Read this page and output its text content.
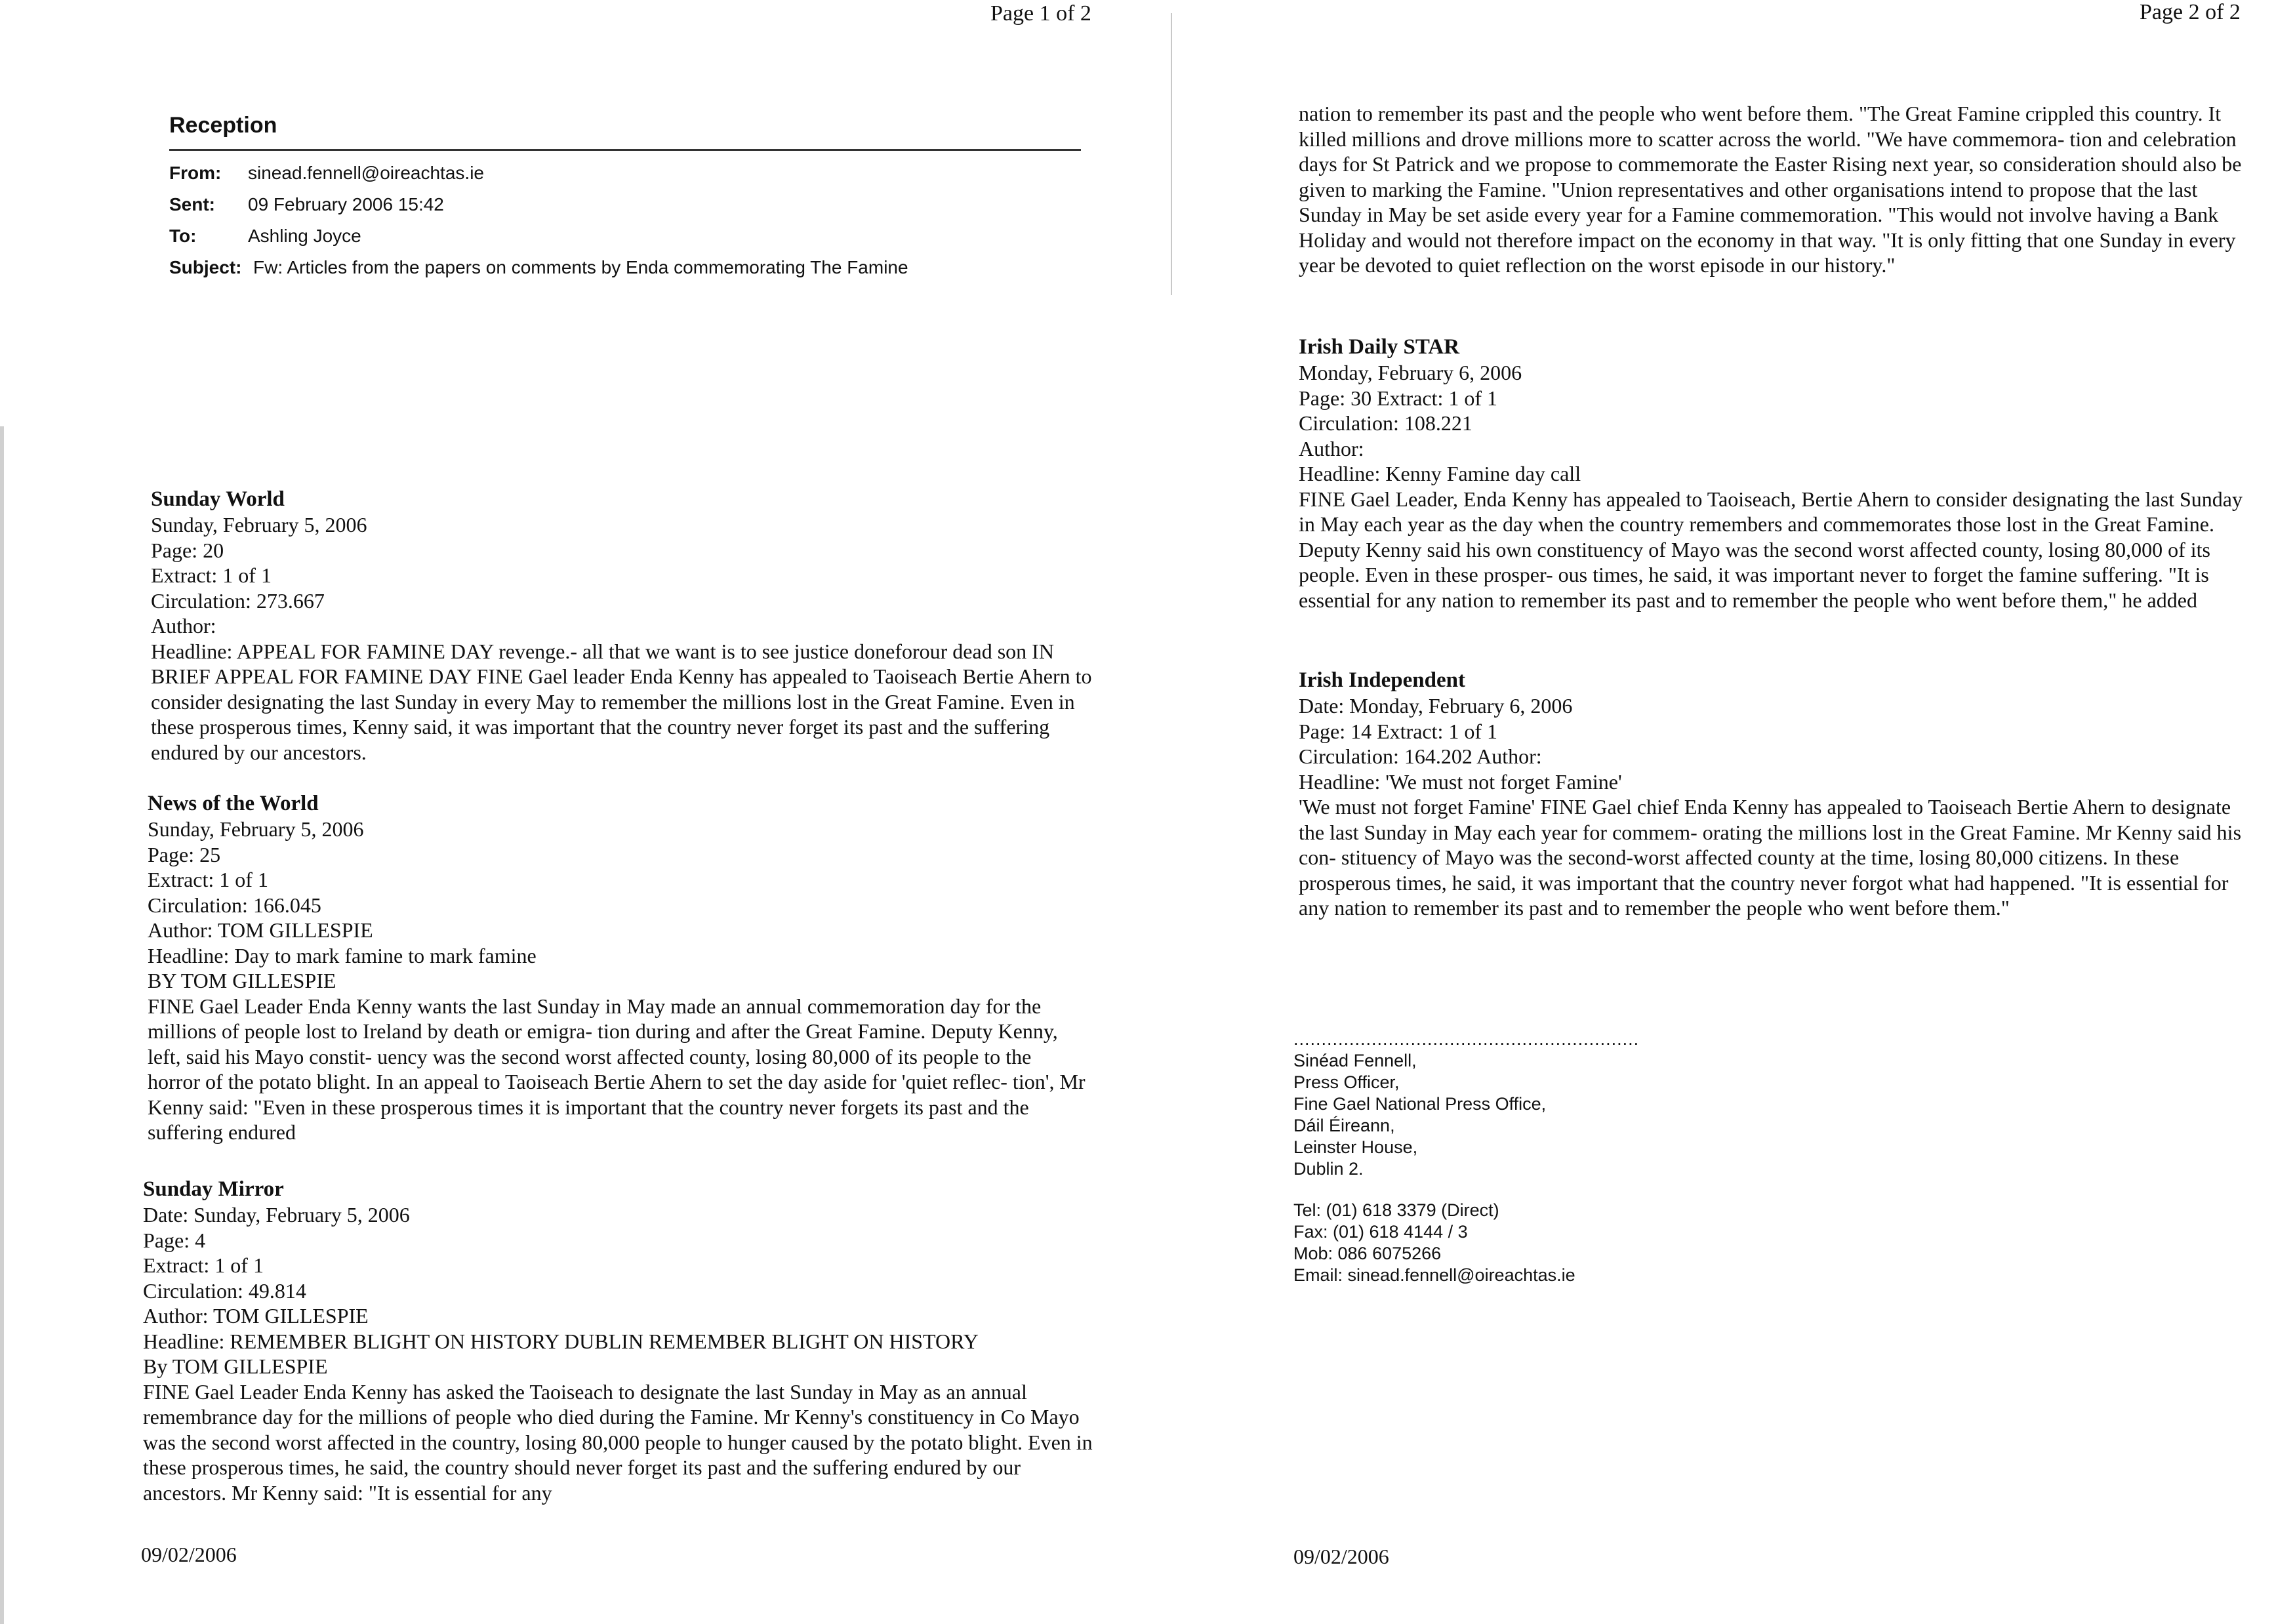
Page 1 of 2
Reception
From: sinead.fennell@oireachtas.ie
Sent: 09 February 2006 15:42
To:	Ashling Joyce
Subject: Fw: Articles from the papers on comments by Enda commemorating The Famine
Sunday World
Sunday, February 5, 2006
Page: 20
Extract: 1 of 1
Circulation: 273.667
Author:

Headline: APPEAL FOR FAMINE DAY revenge.- all that we want is to see justice doneforour dead son IN BRIEF APPEAL FOR FAMINE DAY FINE Gael leader Enda Kenny has appealed to Taoiseach Bertie Ahern to consider designating the last Sunday in every May to remember the millions lost in the Great Famine. Even in these prosperous times, Kenny said, it was important that the country never forget its past and the suffering endured by our ancestors.

News of the World
Sunday, February 5, 2006
Page: 25
Extract: 1 of 1
Circulation: 166.045
Author: TOM GILLESPIE
Headline: Day to mark famine to mark famine
BY TOM GILLESPIE

FINE Gael Leader Enda Kenny wants the last Sunday in May made an annual commemoration day for the millions of people lost to Ireland by death or emigra- tion during and after the Great Famine. Deputy Kenny, left, said his Mayo constit- uency was the second worst affected county, losing 80,000 of its people to the horror of the potato blight. In an appeal to Taoiseach Bertie Ahern to set the day aside for 'quiet reflec- tion', Mr Kenny said: "Even in these prosperous times it is important that the country never forgets its past and the suffering endured

Sunday Mirror
Date: Sunday, February 5, 2006
Page: 4
Extract: 1 of 1
Circulation: 49.814
Author: TOM GILLESPIE
Headline: REMEMBER BLIGHT ON HISTORY DUBLIN REMEMBER BLIGHT ON HISTORY
By TOM GILLESPIE

FINE Gael Leader Enda Kenny has asked the Taoiseach to designate the last Sunday in May as an annual remembrance day for the millions of people who died during the Famine. Mr Kenny's constituency in Co Mayo was the second worst affected in the country, losing 80,000 people to hunger caused by the potato blight. Even in these prosperous times, he said, the country should never forget its past and the suffering endured by our ancestors. Mr Kenny said: "It is essential for any

09/02/2006
Page 2 of 2

nation to remember its past and the people who went before them. "The Great Famine crippled this country. It killed millions and drove millions more to scatter across the world. "We have commemora- tion and celebration days for St Patrick and we propose to commemorate the Easter Rising next year, so consideration should also be given to marking the Famine. "Union representatives and other organisations intend to propose that the last Sunday in May be set aside every year for a Famine commemoration. "This would not involve having a Bank Holiday and would not therefore impact on the economy in that way. "It is only fitting that one Sunday in every year be devoted to quiet reflection on the worst episode in our history."

Irish Daily STAR
Monday, February 6, 2006
Page: 30 Extract: 1 of 1
Circulation: 108.221
Author:
Headline: Kenny Famine day call

FINE Gael Leader, Enda Kenny has appealed to Taoiseach, Bertie Ahern to consider designating the last Sunday in May each year as the day when the country remembers and commemorates those lost in the Great Famine. Deputy Kenny said his own constituency of Mayo was the second worst affected county, losing 80,000 of its people. Even in these prosper- ous times, he said, it was important never to forget the famine suffering. "It is essential for any nation to remember its past and to remember the people who went before them," he added

Irish Independent
Date: Monday, February 6, 2006
Page: 14 Extract: 1 of 1
Circulation: 164.202 Author:
Headline: 'We must not forget Famine'

'We must not forget Famine' FINE Gael chief Enda Kenny has appealed to Taoiseach Bertie Ahern to designate the last Sunday in May each year for commem- orating the millions lost in the Great Famine. Mr Kenny said his con- stituency of Mayo was the second-worst affected county at the time, losing 80,000 citizens. In these prosperous times, he said, it was important that the country never forgot what had happened. "It is essential for any nation to remember its past and to remember the people who went before them."

..............................................................
Sinéad Fennell,
Press Officer,
Fine Gael National Press Office,
Dáil Éireann,
Leinster House,
Dublin 2.
Tel: (01) 618 3379 (Direct)
Fax: (01) 618 4144 / 3
Mob: 086 6075266
Email: sinead.fennell@oireachtas.ie
09/02/2006
